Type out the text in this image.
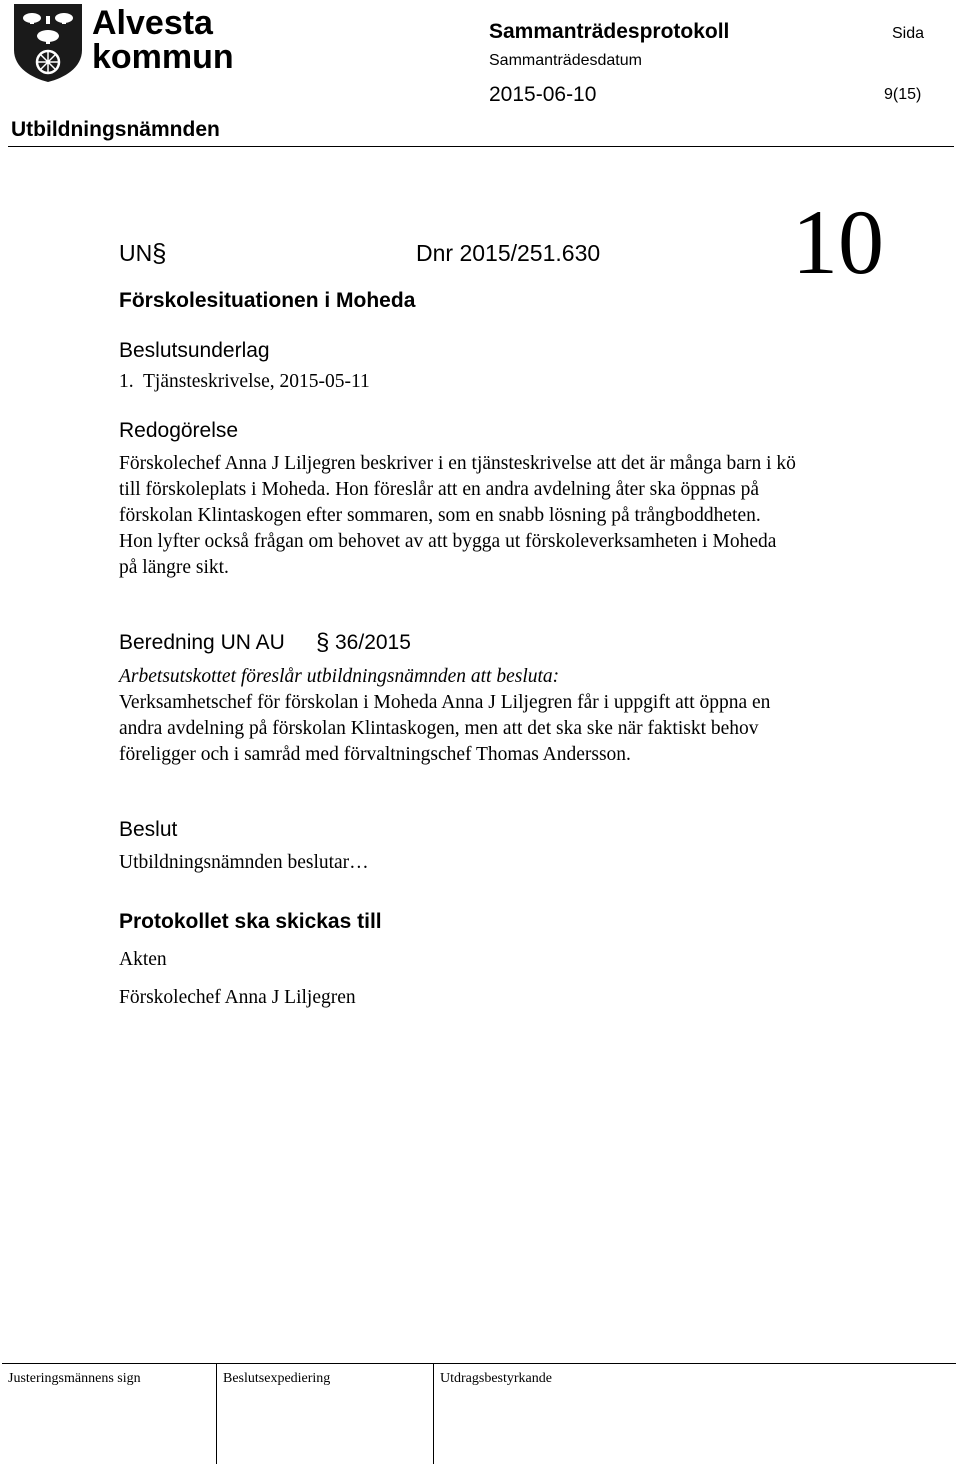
Alvesta
kommun
Sammanträdesprotokoll
Sammanträdesdatum
2015-06-10
Sida
9(15)
Utbildningsnämnden
UN §	Dnr 2015/251.630 10
Förskolesituationen i Moheda
Beslutsunderlag
1.  Tjänsteskrivelse, 2015-05-11
Redogörelse
Förskolechef Anna J Liljegren beskriver i en tjänsteskrivelse att det är många barn i kö till förskoleplats i Moheda. Hon föreslår att en andra avdelning åter ska öppnas på förskolan Klintaskogen efter sommaren, som en snabb lösning på trångboddheten. Hon lyfter också frågan om behovet av att bygga ut förskoleverksamheten i Moheda på längre sikt.
Beredning UN AU § 36/2015
Arbetsutskottet föreslår utbildningsnämnden att besluta:
Verksamhetschef för förskolan i Moheda Anna J Liljegren får i uppgift att öppna en andra avdelning på förskolan Klintaskogen, men att det ska ske när faktiskt behov föreligger och i samråd med förvaltningschef Thomas Andersson.
Beslut
Utbildningsnämnden beslutar…
Protokollet ska skickas till
Akten
Förskolechef Anna J Liljegren
Justeringsmännens sign	Beslutsexpediering	Utdragsbestyrkande
